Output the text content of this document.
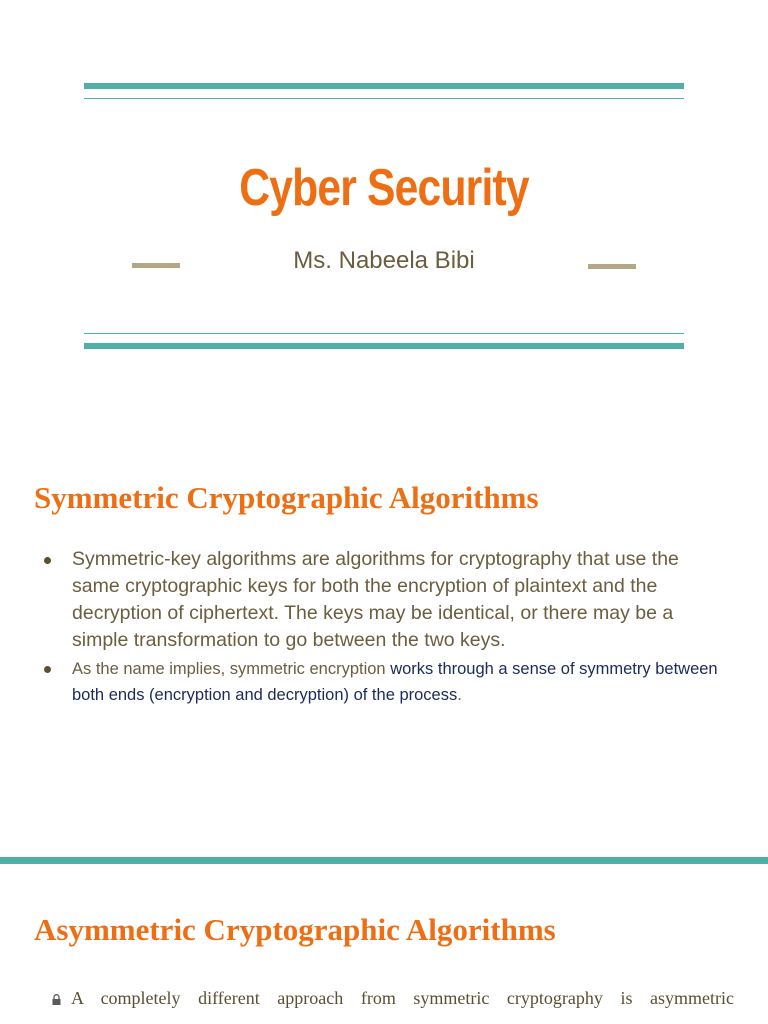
Cyber Security
Ms. Nabeela Bibi
Symmetric Cryptographic Algorithms
Symmetric-key algorithms are algorithms for cryptography that use the same cryptographic keys for both the encryption of plaintext and the decryption of ciphertext. The keys may be identical, or there may be a simple transformation to go between the two keys.
As the name implies, symmetric encryption works through a sense of symmetry between both ends (encryption and decryption) of the process.
Asymmetric Cryptographic Algorithms
A completely different approach from symmetric cryptography is asymmetric
